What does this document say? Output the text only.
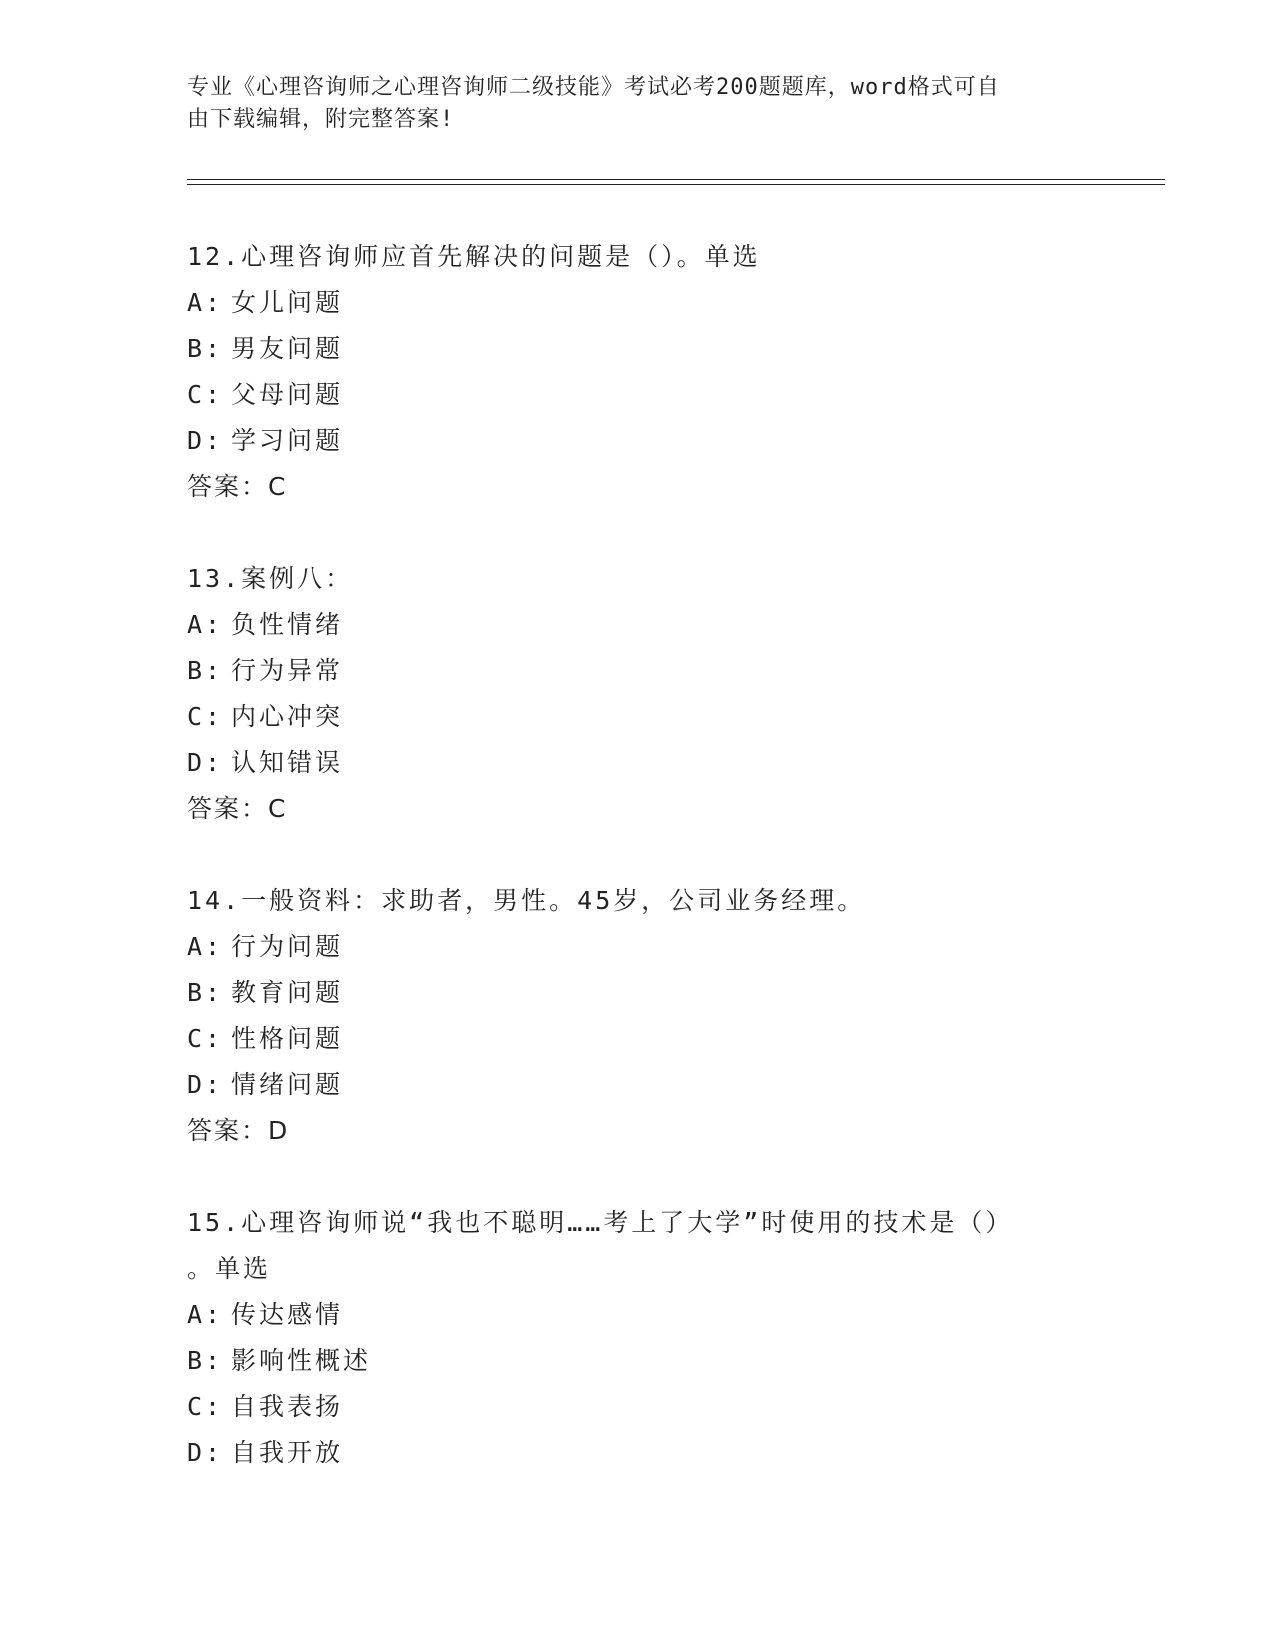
专业《心理咨询师之心理咨询师二级技能》考试必考200题题库，word格式可自
由下载编辑，附完整答案!
12.心理咨询师应首先解决的问题是（）。单选
A: 女儿问题
B: 男友问题
C: 父母问题
D: 学习问题
答案：C
13.案例八：
A: 负性情绪
B: 行为异常
C: 内心冲突
D: 认知错误
答案：C
14.一般资料：求助者，男性。45岁，公司业务经理。
A: 行为问题
B: 教育问题
C: 性格问题
D: 情绪问题
答案：D
15.心理咨询师说“我也不聪明……考上了大学”时使用的技术是（）
。单选
A: 传达感情
B: 影响性概述
C: 自我表扬
D: 自我开放
